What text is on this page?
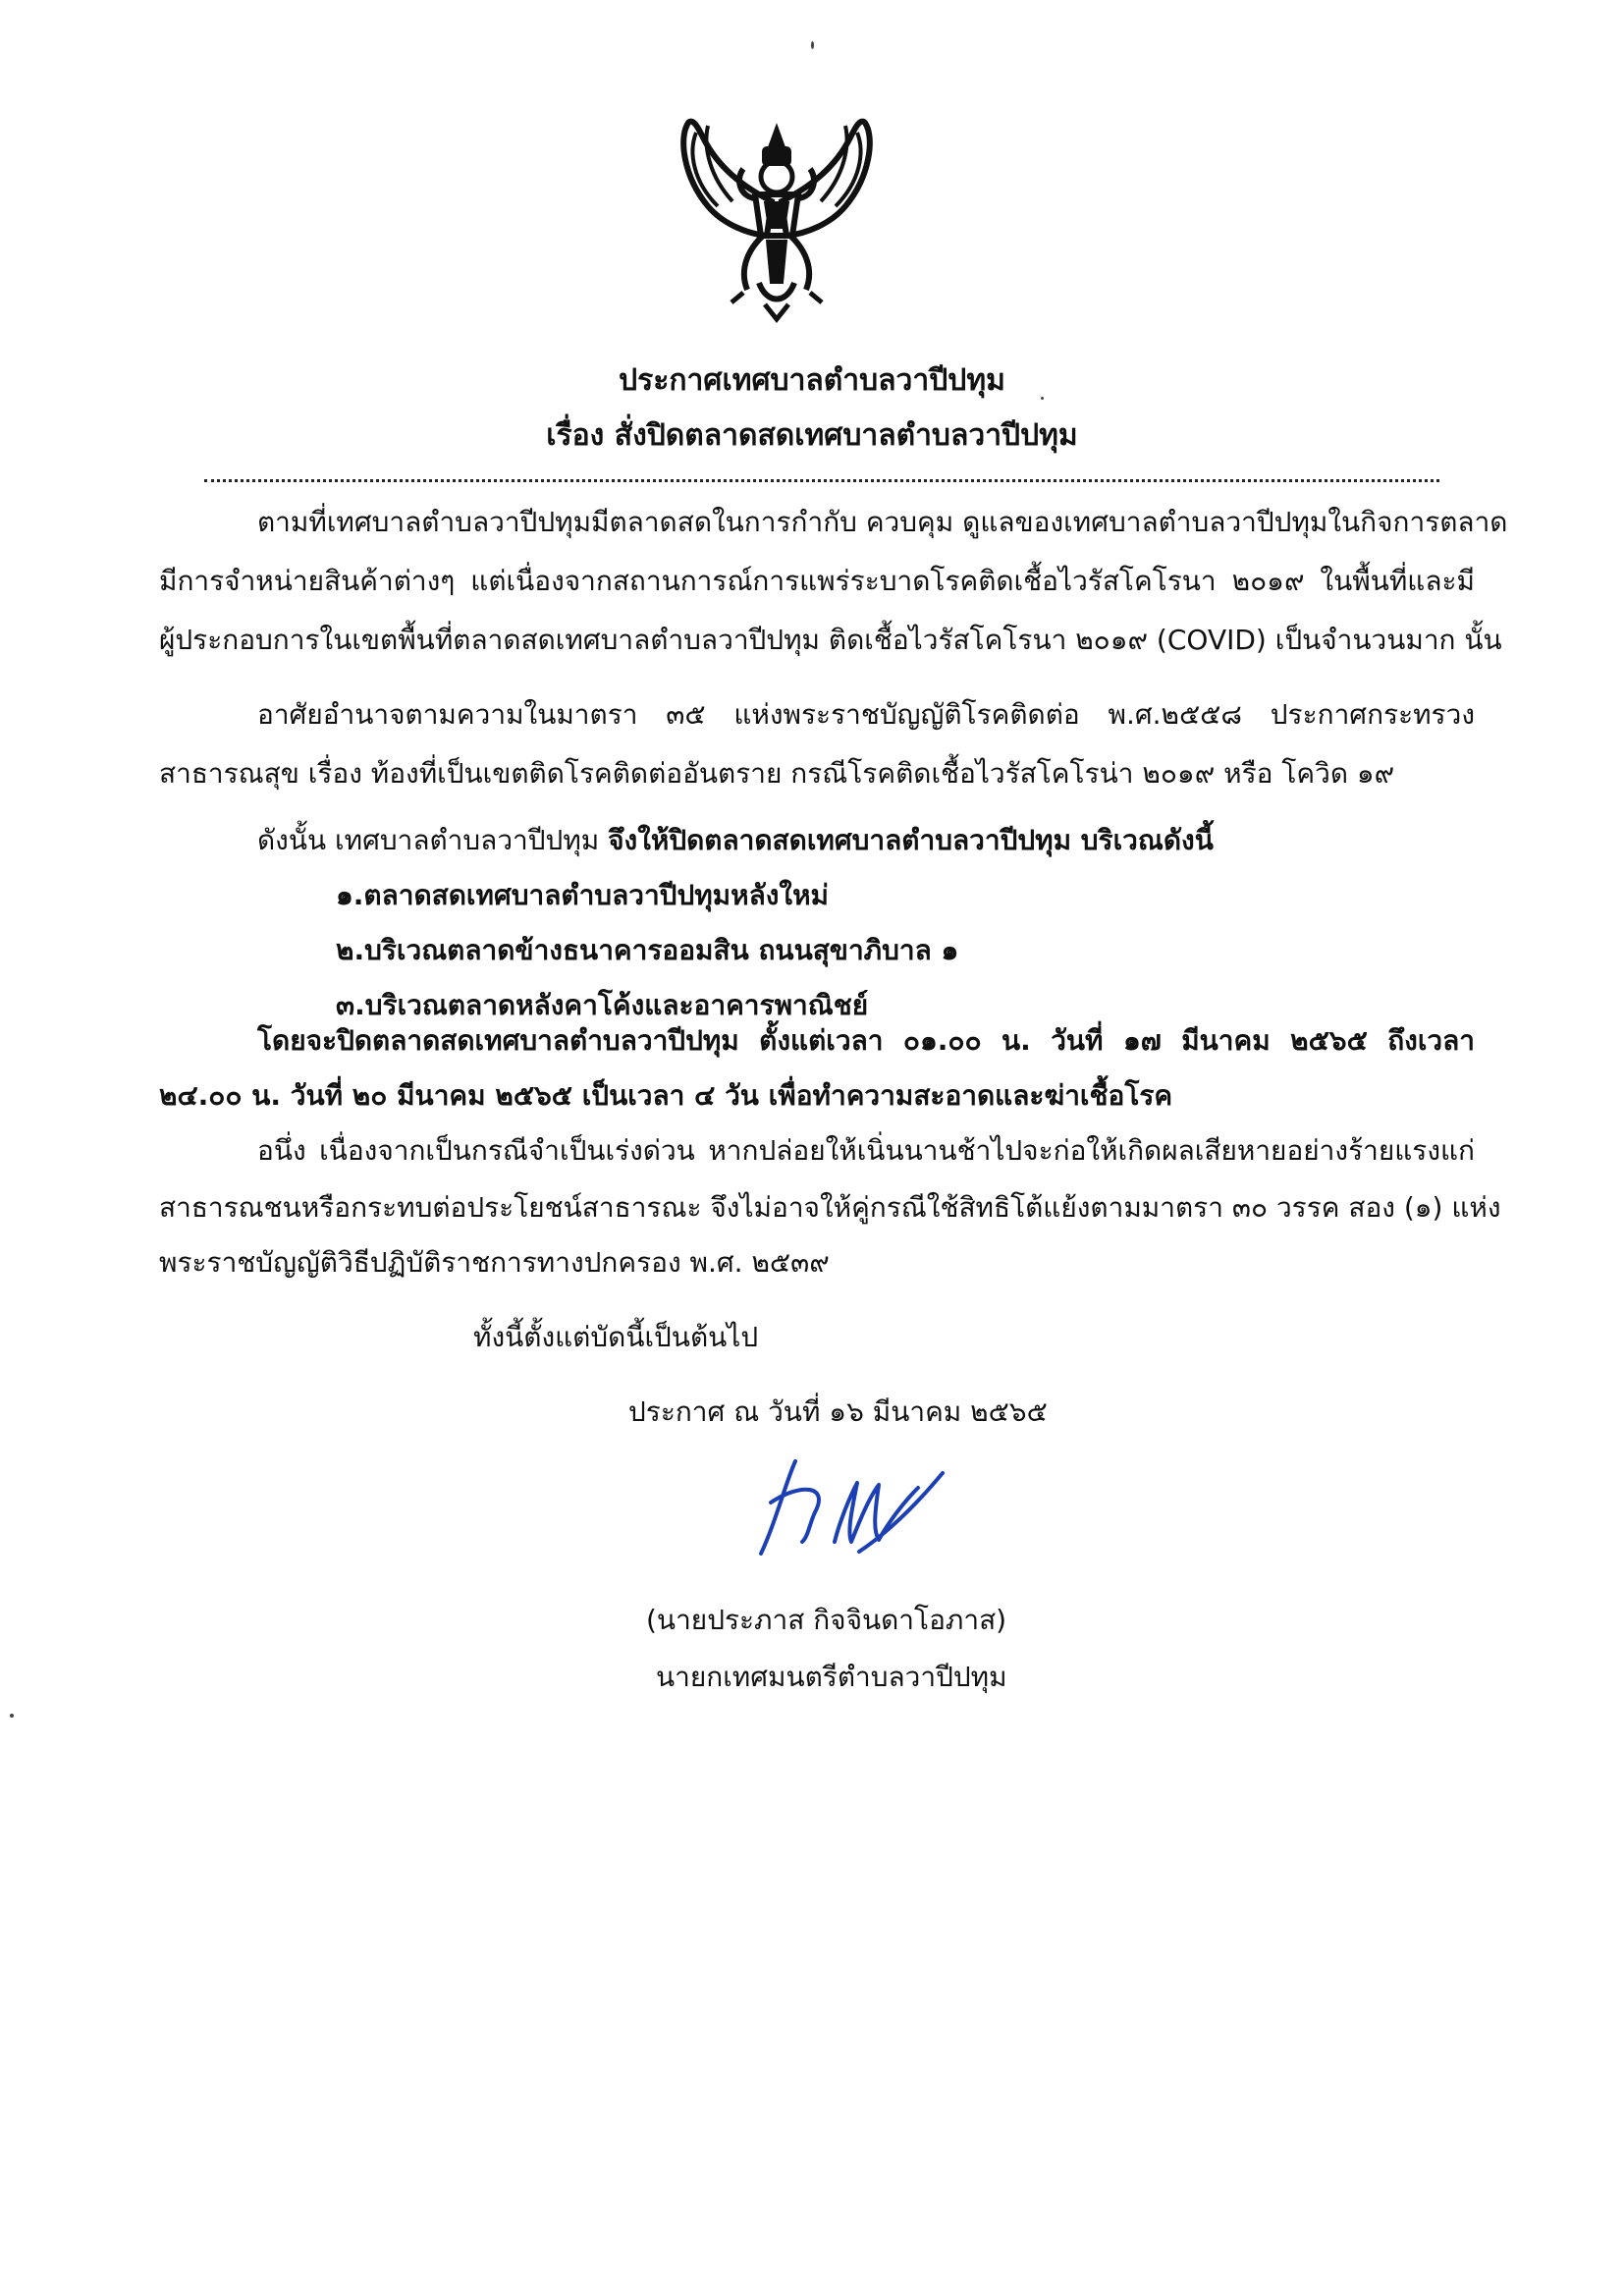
ประกาศเทศบาลตำบลวาปีปทุม
เรื่อง สั่งปิดตลาดสดเทศบาลตำบลวาปีปทุม
ตามที่เทศบาลตำบลวาปีปทุมมีตลาดสดในการกำกับ ควบคุม ดูแลของเทศบาลตำบลวาปีปทุมในกิจการตลาด
มีการจำหน่ายสินค้าต่างๆ แต่เนื่องจากสถานการณ์การแพร่ระบาดโรคติดเชื้อไวรัสโคโรนา ๒๐๑๙ ในพื้นที่และมี
ผู้ประกอบการในเขตพื้นที่ตลาดสดเทศบาลตำบลวาปีปทุม ติดเชื้อไวรัสโคโรนา ๒๐๑๙ (COVID) เป็นจำนวนมาก นั้น
อาศัยอำนาจตามความในมาตรา ๓๕ แห่งพระราชบัญญัติโรคติดต่อ พ.ศ.๒๕๕๘ ประกาศกระทรวง
สาธารณสุข เรื่อง ท้องที่เป็นเขตติดโรคติดต่ออันตราย กรณีโรคติดเชื้อไวรัสโคโรน่า ๒๐๑๙ หรือ โควิด ๑๙
ดังนั้น เทศบาลตำบลวาปีปทุม จึงให้ปิดตลาดสดเทศบาลตำบลวาปีปทุม บริเวณดังนี้
๑.ตลาดสดเทศบาลตำบลวาปีปทุมหลังใหม่
๒.บริเวณตลาดข้างธนาคารออมสิน ถนนสุขาภิบาล ๑
๓.บริเวณตลาดหลังคาโค้งและอาคารพาณิชย์
โดยจะปิดตลาดสดเทศบาลตำบลวาปีปทุม ตั้งแต่เวลา ๐๑.๐๐ น. วันที่ ๑๗ มีนาคม ๒๕๖๕ ถึงเวลา
๒๔.๐๐ น. วันที่ ๒๐ มีนาคม ๒๕๖๕ เป็นเวลา ๔ วัน เพื่อทำความสะอาดและฆ่าเชื้อโรค
อนึ่ง เนื่องจากเป็นกรณีจำเป็นเร่งด่วน หากปล่อยให้เนิ่นนานช้าไปจะก่อให้เกิดผลเสียหายอย่างร้ายแรงแก่
สาธารณชนหรือกระทบต่อประโยชน์สาธารณะ จึงไม่อาจให้คู่กรณีใช้สิทธิโต้แย้งตามมาตรา ๓๐ วรรค สอง (๑) แห่ง
พระราชบัญญัติวิธีปฏิบัติราชการทางปกครอง พ.ศ. ๒๕๓๙
ทั้งนี้ตั้งแต่บัดนี้เป็นต้นไป
ประกาศ ณ วันที่ ๑๖ มีนาคม ๒๕๖๕
(นายประภาส กิจจินดาโอภาส)
นายกเทศมนตรีตำบลวาปีปทุม
